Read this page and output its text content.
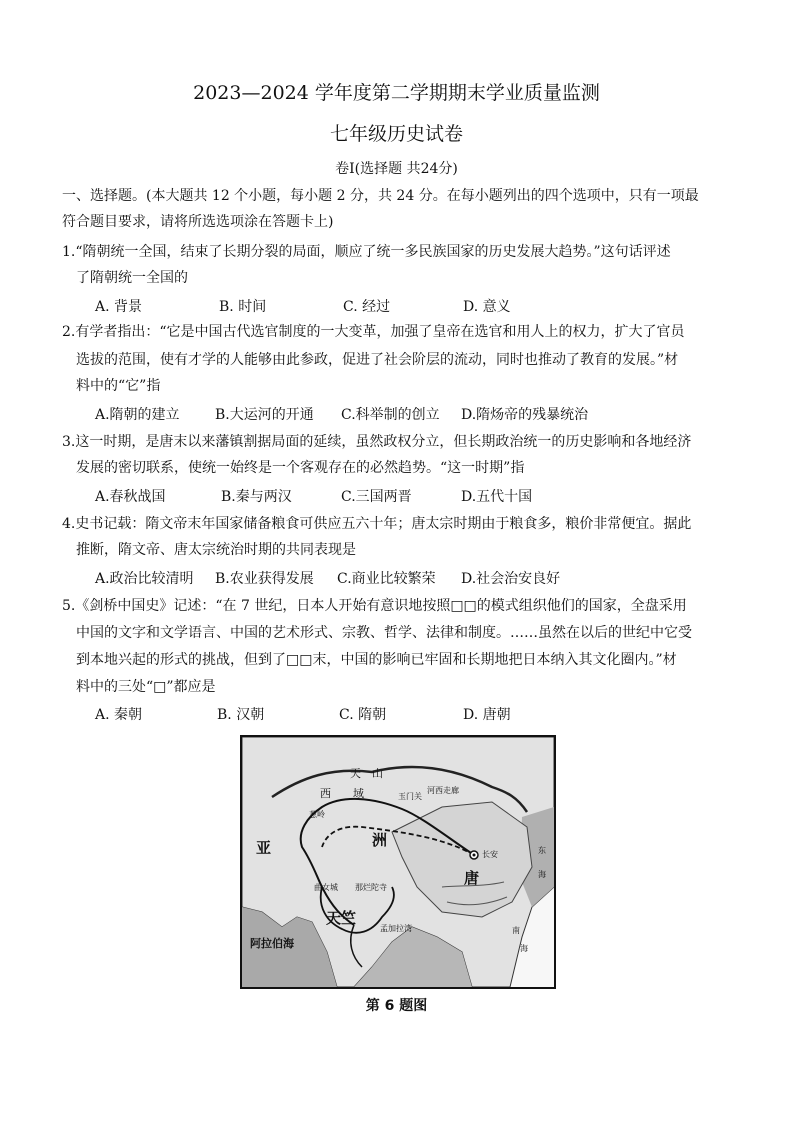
2023—2024 学年度第二学期期末学业质量监测
七年级历史试卷
卷Ⅰ(选择题 共24分)
一、选择题。(本大题共 12 个小题，每小题 2 分，共 24 分。在每小题列出的四个选项中，只有一项最
符合题目要求，请将所选选项涂在答题卡上)
1.“隋朝统一全国，结束了长期分裂的局面，顺应了统一多民族国家的历史发展大趋势。”这句话评述
了隋朝统一全国的
A. 背景	B. 时间	C. 经过	D. 意义
2.有学者指出：“它是中国古代选官制度的一大变革，加强了皇帝在选官和用人上的权力，扩大了官员
选拔的范围，使有才学的人能够由此参政，促进了社会阶层的流动，同时也推动了教育的发展。”材
料中的“它”指
A.隋朝的建立	B.大运河的开通 C.科举制的创立 D.隋炀帝的残暴统治
3.这一时期，是唐末以来藩镇割据局面的延续，虽然政权分立，但长期政治统一的历史影响和各地经济
发展的密切联系，使统一始终是一个客观存在的必然趋势。“这一时期”指
A.春秋战国	B.秦与两汉	C.三国两晋	D.五代十国
4.史书记载：隋文帝末年国家储备粮食可供应五六十年；唐太宗时期由于粮食多，粮价非常便宜。据此
推断，隋文帝、唐太宗统治时期的共同表现是
A.政治比较清明 B.农业获得发展 C.商业比较繁荣 D.社会治安良好
5.《剑桥中国史》记述：“在 7 世纪，日本人开始有意识地按照□□的模式组织他们的国家，全盘采用
中国的文字和文学语言、中国的艺术形式、宗教、哲学、法律和制度。……虽然在以后的世纪中它受
到本地兴起的形式的挑战，但到了□□末，中国的影响已牢固和长期地把日本纳入其文化圈内。”材
料中的三处“□”都应是
A. 秦朝	B. 汉朝	C. 隋朝	D. 唐朝
天　山
西　　域	玉门关
河西走廊
葱岭
长安
亚	洲
唐
东
海
南
海
曲女城 那烂陀寺
天竺
孟加拉湾
阿拉伯海
第 6 题图
